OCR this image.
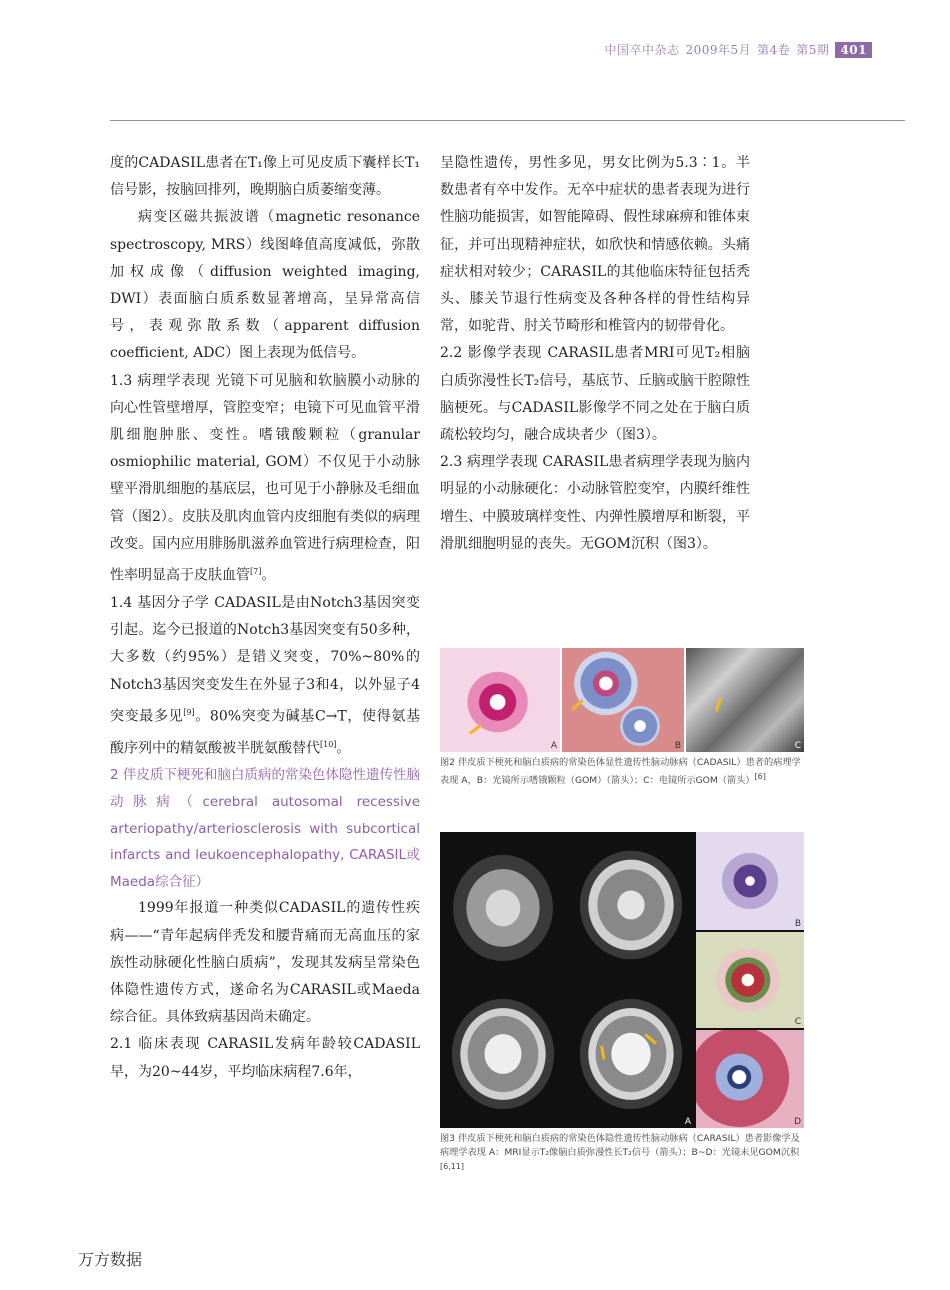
中国卒中杂志 2009年5月 第4卷 第5期 401

度的CADASIL患者在T₁像上可见皮质下囊样长T₁信号影，按脑回排列，晚期脑白质萎缩变薄。

病变区磁共振波谱（magnetic resonance spectroscopy, MRS）线图峰值高度减低，弥散加权成像（diffusion weighted imaging, DWI）表面脑白质系数显著增高，呈异常高信号，表观弥散系数（apparent diffusion coefficient, ADC）图上表现为低信号。

1.3 病理学表现 光镜下可见脑和软脑膜小动脉的向心性管壁增厚，管腔变窄；电镜下可见血管平滑肌细胞肿胀、变性。嗜锇酸颗粒（granular osmiophilic material, GOM）不仅见于小动脉壁平滑肌细胞的基底层，也可见于小静脉及毛细血管（图2）。皮肤及肌肉血管内皮细胞有类似的病理改变。国内应用腓肠肌滋养血管进行病理检查，阳性率明显高于皮肤血管[7]。

1.4 基因分子学 CADASIL是由Notch3基因突变引起。迄今已报道的Notch3基因突变有50多种，大多数（约95%）是错义突变，70%~80%的Notch3基因突变发生在外显子3和4，以外显子4突变最多见[9]。80%突变为碱基C→T，使得氨基酸序列中的精氨酸被半胱氨酸替代[10]。

2 伴皮质下梗死和脑白质病的常染色体隐性遗传性脑动脉病（cerebral autosomal recessive arteriopathy/arteriosclerosis with subcortical infarcts and leukoencephalopathy, CARASIL或Maeda综合征）

1999年报道一种类似CADASIL的遗传性疾病——“青年起病伴秃发和腰背痛而无高血压的家族性动脉硬化性脑白质病”，发现其发病呈常染色体隐性遗传方式，遂命名为CARASIL或Maeda综合征。具体致病基因尚未确定。

2.1 临床表现 CARASIL发病年龄较CADASIL早，为20~44岁，平均临床病程7.6年，

呈隐性遗传，男性多见，男女比例为5.3∶1。半数患者有卒中发作。无卒中症状的患者表现为进行性脑功能损害，如智能障碍、假性球麻痹和锥体束征，并可出现精神症状，如欣快和情感依赖。头痛症状相对较少；CARASIL的其他临床特征包括秃头、膝关节退行性病变及各种各样的骨性结构异常，如驼背、肘关节畸形和椎管内的韧带骨化。

2.2 影像学表现 CARASIL患者MRI可见T₂相脑白质弥漫性长T₂信号，基底节、丘脑或脑干腔隙性脑梗死。与CADASIL影像学不同之处在于脑白质疏松较均匀，融合成块者少（图3）。

2.3 病理学表现 CARASIL患者病理学表现为脑内明显的小动脉硬化：小动脉管腔变窄，内膜纤维性增生、中膜玻璃样变性、内弹性膜增厚和断裂，平滑肌细胞明显的丧失。无GOM沉积（图3）。

A	B	C
图2 伴皮质下梗死和脑白质病的常染色体显性遗传性脑动脉病（CADASIL）患者的病理学表现 A，B：光镜所示嗜锇颗粒（GOM）（箭头）；C：电镜所示GOM（箭头）[6]
A
B
C
D
图3 伴皮质下梗死和脑白质病的常染色体隐性遗传性脑动脉病（CARASIL）患者影像学及病理学表现 A：MRI显示T₂像脑白质弥漫性长T₂信号（箭头）；B~D：光镜未见GOM沉积[6,11]
万方数据
